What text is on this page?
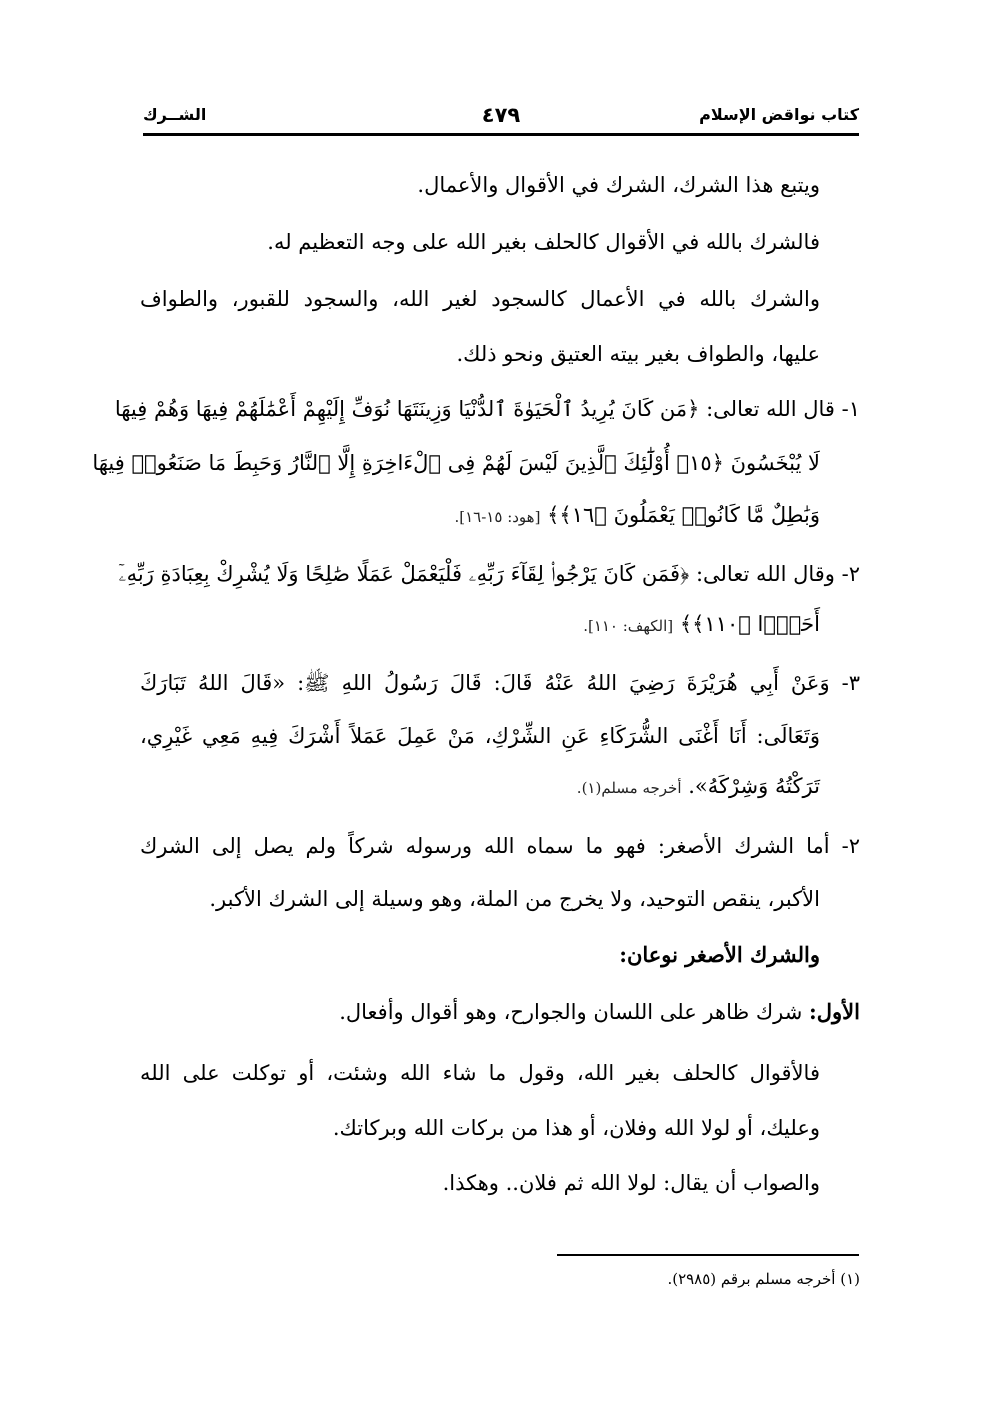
كتاب نواقض الإسلام
٤٧٩
الشــرك
ويتبع هذا الشرك، الشرك في الأقوال والأعمال.
فالشرك بالله في الأقوال كالحلف بغير الله على وجه التعظيم له.
والشرك بالله في الأعمال كالسجود لغير الله، والسجود للقبور، والطواف
عليها، والطواف بغير بيته العتيق ونحو ذلك.
١- قال الله تعالى: ﴿مَن كَانَ يُرِيدُ ٱلْحَيَوٰةَ ٱلدُّنْيَا وَزِينَتَهَا نُوَفِّ إِلَيْهِمْ أَعْمَٰلَهُمْ فِيهَا وَهُمْ فِيهَا
لَا يُبْخَسُونَ ﴿١٥﴾ أُوْلَٰٓئِكَ ٱلَّذِينَ لَيْسَ لَهُمْ فِى ٱلْءَاخِرَةِ إِلَّا ٱلنَّارُ وَحَبِطَ مَا صَنَعُوا۟ فِيهَا
وَبَٰطِلٌ مَّا كَانُوا۟ يَعْمَلُونَ ﴿١٦﴾﴾ [هود: ١٥-١٦].
٢- وقال الله تعالى: ﴿فَمَن كَانَ يَرْجُوا۟ لِقَآءَ رَبِّهِۦ فَلْيَعْمَلْ عَمَلًا صَٰلِحًا وَلَا يُشْرِكْ بِعِبَادَةِ رَبِّهِۦٓ
أَحَدًۢا ﴿١١٠﴾﴾ [الكهف: ١١٠].
٣- وَعَنْ أَبِي هُرَيْرَةَ رَضِيَ اللهُ عَنْهُ قَالَ: قَالَ رَسُولُ اللهِ ﷺ: «قَالَ اللهُ تَبَارَكَ
وَتَعَالَى: أَنَا أَغْنَى الشُّرَكَاءِ عَنِ الشِّرْكِ، مَنْ عَمِلَ عَمَلاً أَشْرَكَ فِيهِ مَعِي غَيْرِي،
تَرَكْتُهُ وَشِرْكَهُ». أخرجه مسلم(١).
٢- أما الشرك الأصغر: فهو ما سماه الله ورسوله شركاً ولم يصل إلى الشرك
الأكبر، ينقص التوحيد، ولا يخرج من الملة، وهو وسيلة إلى الشرك الأكبر.
والشرك الأصغر نوعان:
الأول: شرك ظاهر على اللسان والجوارح، وهو أقوال وأفعال.
فالأقوال كالحلف بغير الله، وقول ما شاء الله وشئت، أو توكلت على الله
وعليك، أو لولا الله وفلان، أو هذا من بركات الله وبركاتك.
والصواب أن يقال: لولا الله ثم فلان.. وهكذا.
(١) أخرجه مسلم برقم (٢٩٨٥).
